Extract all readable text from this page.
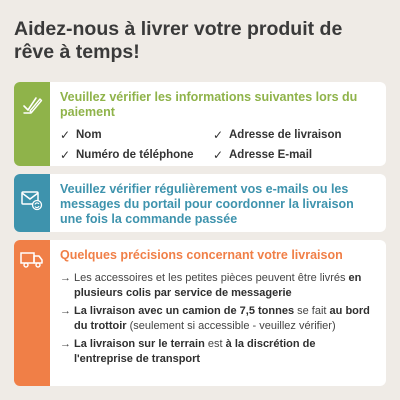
Aidez-nous à livrer votre produit de rêve à temps!
Veuillez vérifier les informations suivantes lors du paiement
✓ Nom	✓ Adresse de livraison
✓ Numéro de téléphone ✓ Adresse E-mail
Veuillez vérifier régulièrement vos e-mails ou les messages du portail pour coordonner la livraison une fois la commande passée
Quelques précisions concernant votre livraison
→ Les accessoires et les petites pièces peuvent être livrés en plusieurs colis par service de messagerie
→ La livraison avec un camion de 7,5 tonnes se fait au bord du trottoir (seulement si accessible - veuillez vérifier)
→ La livraison sur le terrain est à la discrétion de l'entreprise de transport
